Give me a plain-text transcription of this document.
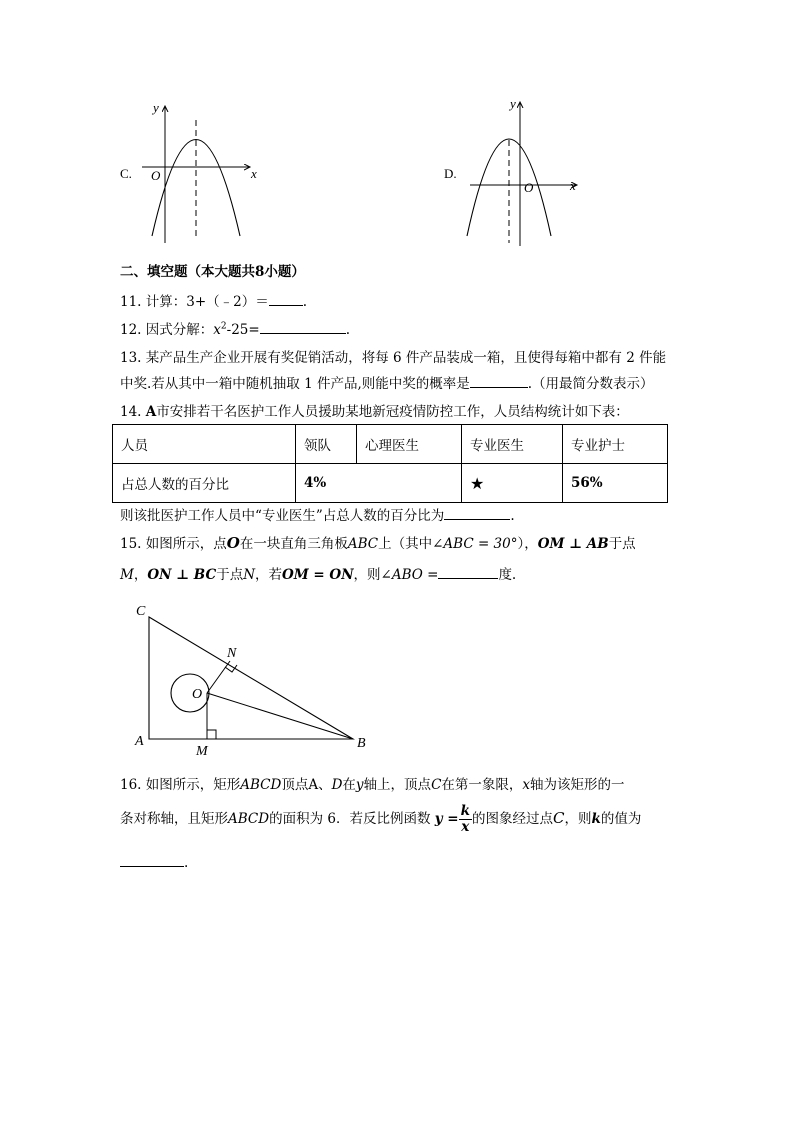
C.
y
x
O	D.
y
x
O
二、填空题（本大题共8小题）
11. 计算：3+（﹣2）＝	.
12. 因式分解：$x^2-25=$	.
13. 某产品生产企业开展有奖促销活动，将每 6 件产品装成一箱，且使得每箱中都有 2 件能
中奖.若从其中一箱中随机抽取 1 件产品,则能中奖的概率是	.（用最简分数表示）
14. A市安排若干名医护工作人员援助某地新冠疫情防控工作，人员结构统计如下表：
人员	领队	心理医生	专业医生	专业护士
占总人数的百分比	4%		★	56%
则该批医护工作人员中“专业医生”占总人数的百分比为	.
15. 如图所示，点O在一块直角三角板ABC上（其中∠ABC = 30°），OM ⊥ AB于点
M，ON ⊥ BC于点N，若OM = ON，则∠ABO =	度.
C
N
O
A
M
B
16. 如图所示，矩形ABCD顶点A、D在y轴上，顶点C在第一象限，x轴为该矩形的一
条对称轴，且矩形ABCD的面积为 6．若反比例函数 $y = \frac{k}{x}$ 的图象经过点C，则k的值为
.
